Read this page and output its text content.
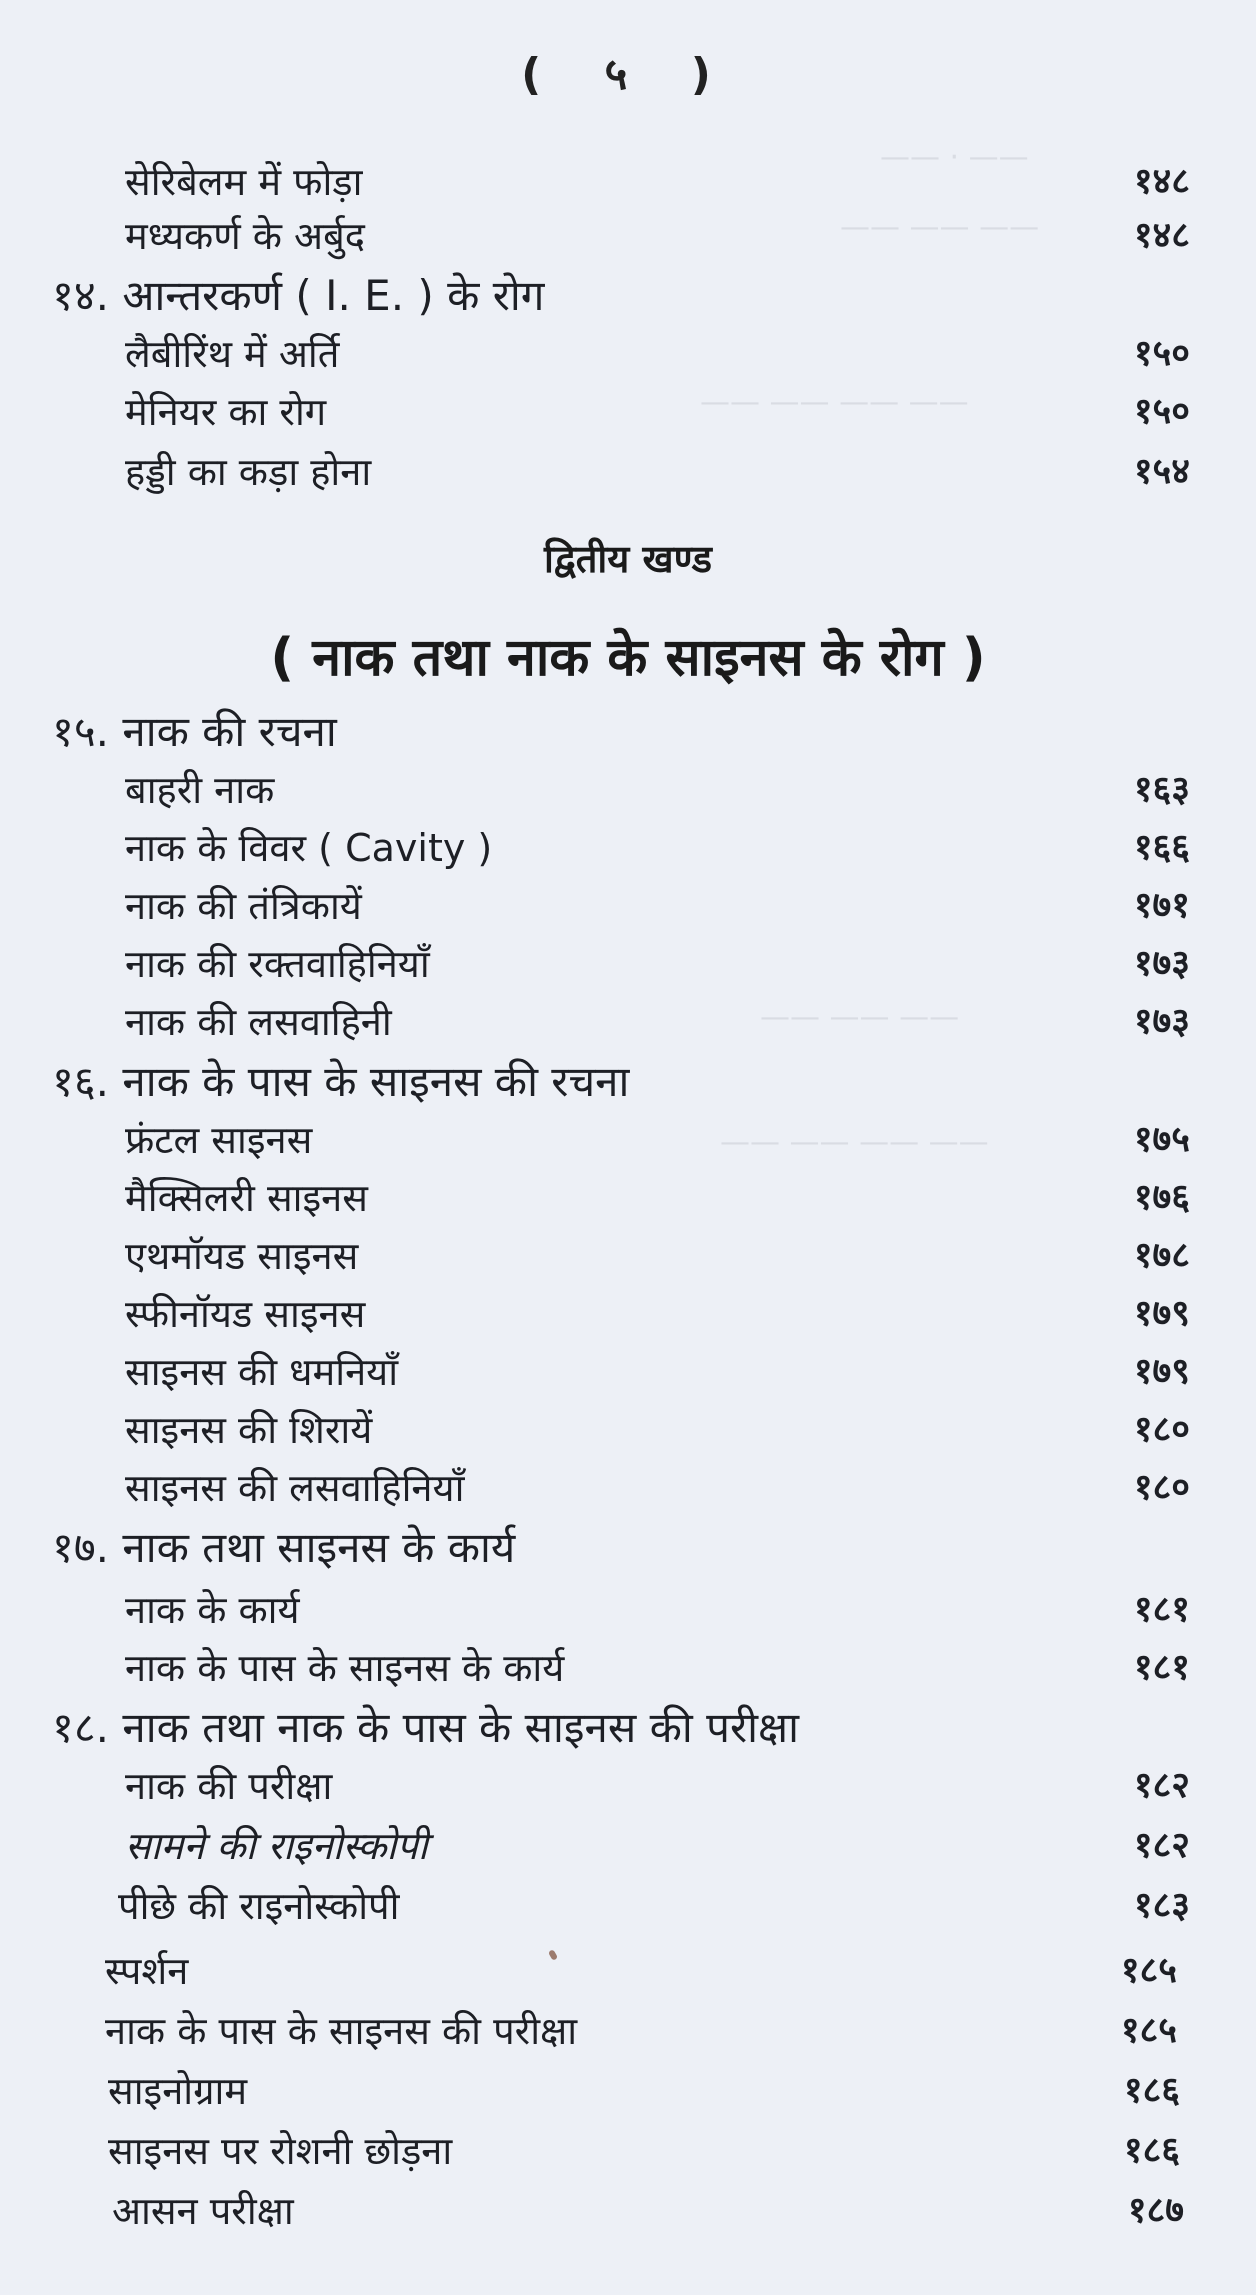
( ५ )
—— · ——
—— —— ——
—— —— —— ——
—— —— ——
—— —— —— ——
सेरिबेलम में फोड़ा	१४८
मध्यकर्ण के अर्बुद	१४८
१४. आन्तरकर्ण ( I. E. ) के रोग
लैबीरिंथ में अर्ति	१५०
मेनियर का रोग	१५०
हड्डी का कड़ा होना	१५४
द्वितीय खण्ड
( नाक तथा नाक के साइनस के रोग )
१५. नाक की रचना
बाहरी नाक	१६३
नाक के विवर ( Cavity )	१६६
नाक की तंत्रिकायें	१७१
नाक की रक्तवाहिनियाँ	१७३
नाक की लसवाहिनी	१७३
१६. नाक के पास के साइनस की रचना
फ्रंटल साइनस	१७५
मैक्सिलरी साइनस	१७६
एथमॉयड साइनस	१७८
स्फीनॉयड साइनस	१७९
साइनस की धमनियाँ	१७९
साइनस की शिरायें	१८०
साइनस की लसवाहिनियाँ	१८०
१७. नाक तथा साइनस के कार्य
नाक के कार्य	१८१
नाक के पास के साइनस के कार्य	१८१
१८. नाक तथा नाक के पास के साइनस की परीक्षा
नाक की परीक्षा	१८२
सामने की राइनोस्कोपी	१८२
पीछे की राइनोस्कोपी	१८३
स्पर्शन	१८५
नाक के पास के साइनस की परीक्षा	१८५
साइनोग्राम	१८६
साइनस पर रोशनी छोड़ना	१८६
आसन परीक्षा	१८७
